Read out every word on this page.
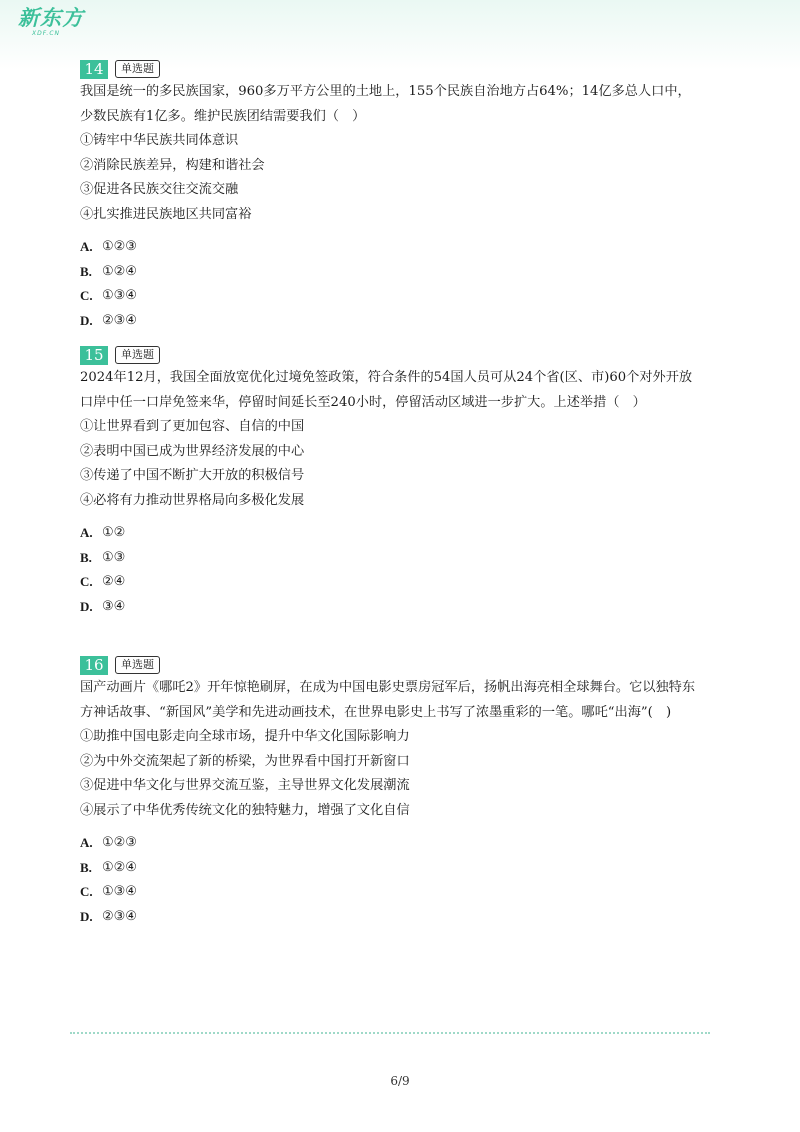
新东方
XDF.CN
14	单选题

我国是统一的多民族国家，960多万平方公里的土地上，155个民族自治地方占64%；14亿多总人口中，少数民族有1亿多。维护民族团结需要我们（　）

①铸牢中华民族共同体意识

②消除民族差异，构建和谐社会

③促进各民族交往交流交融

④扎实推进民族地区共同富裕

A. ①②③
B. ①②④
C. ①③④
D. ②③④
15	单选题

2024年12月，我国全面放宽优化过境免签政策，符合条件的54国人员可从24个省(区、市)60个对外开放口岸中任一口岸免签来华，停留时间延长至240小时，停留活动区域进一步扩大。上述举措（　）

①让世界看到了更加包容、自信的中国

②表明中国已成为世界经济发展的中心

③传递了中国不断扩大开放的积极信号

④必将有力推动世界格局向多极化发展

A. ①②
B. ①③
C. ②④
D. ③④
16	单选题

国产动画片《哪吒2》开年惊艳刷屏，在成为中国电影史票房冠军后，扬帆出海亮相全球舞台。它以独特东方神话故事、“新国风”美学和先进动画技术，在世界电影史上书写了浓墨重彩的一笔。哪吒“出海”(　)

①助推中国电影走向全球市场，提升中华文化国际影响力

②为中外交流架起了新的桥梁，为世界看中国打开新窗口

③促进中华文化与世界交流互鉴，主导世界文化发展潮流

④展示了中华优秀传统文化的独特魅力，增强了文化自信

A. ①②③
B. ①②④
C. ①③④
D. ②③④
6/9
